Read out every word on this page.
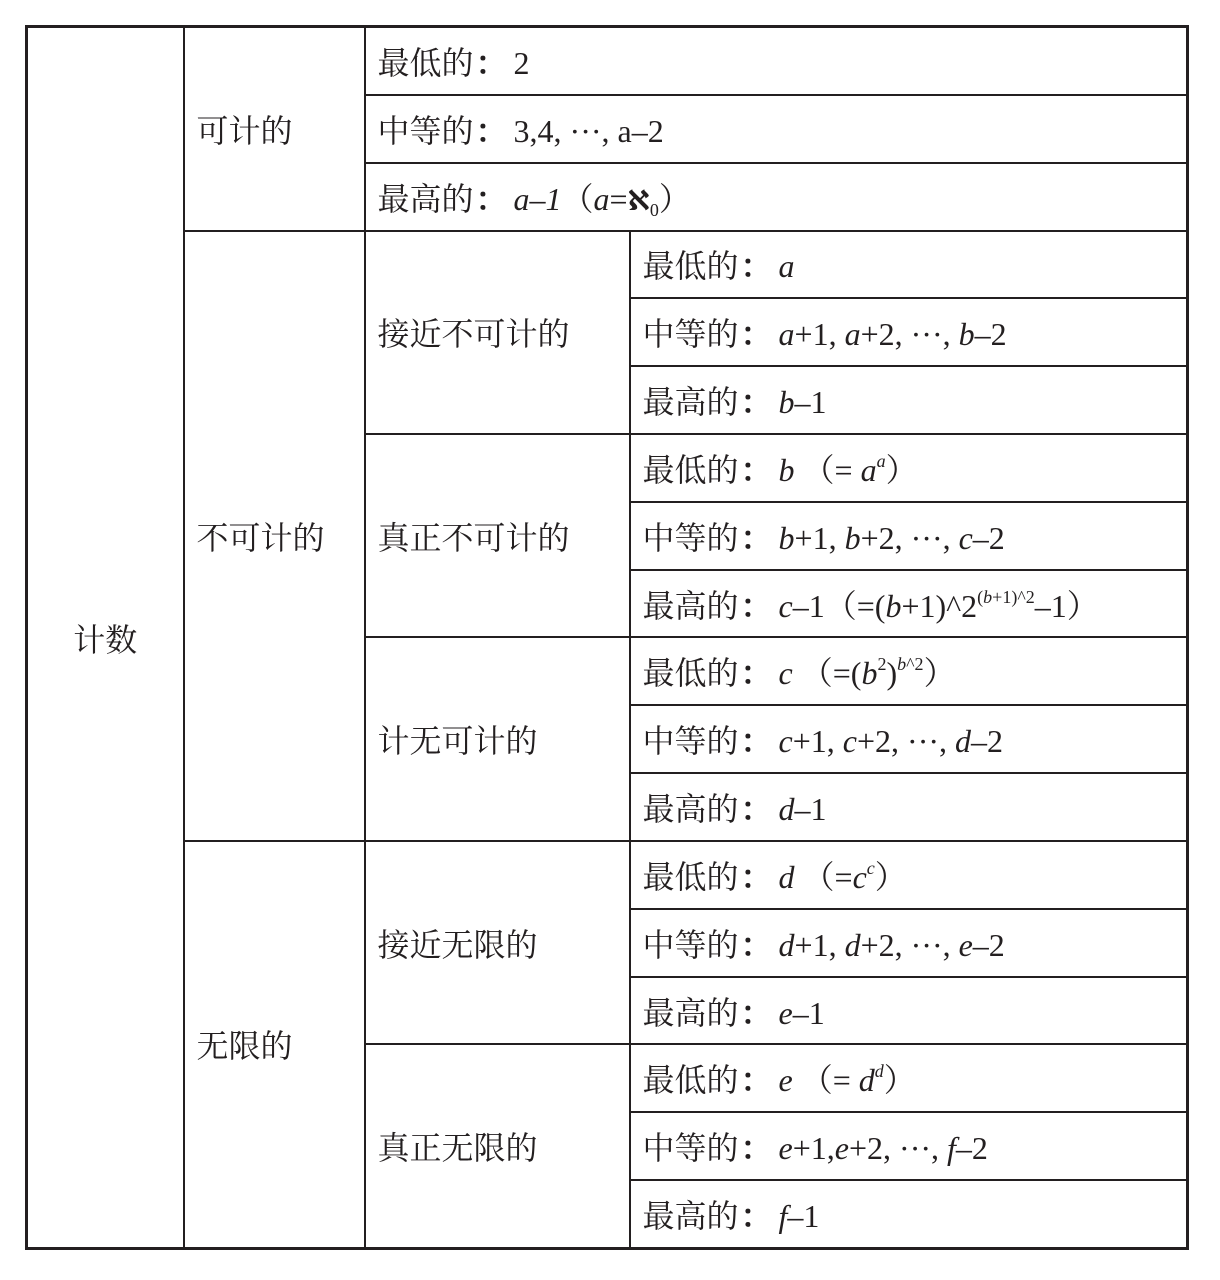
计数	可计的	最低的： 2	
		中等的： 3,4, ···, a–2	
		最高的： a–1（a=ℵ$_0$）	
	不可计的	接近不可计的	最低的： a
			中等的： a+1, a+2, ···, b–2
			最高的： b–1
		真正不可计的	最低的： b （= $a^a$）
			中等的： b+1, b+2, ···, c–2
			最高的： $c-1(=(b+1)\^{}2^{(b+1)\^{}2}-1)$
		计无可计的	最低的： c $(=(b^2)^{b\^{}2})$
			中等的： c+1, c+2, ···, d–2
			最高的： d–1
	无限的	接近无限的	最低的： d $(=c^c)$
			中等的： d+1, d+2, ···, e–2
			最高的： e–1
		真正无限的	最低的： e （= $d^d$）
			中等的： e+1,e+2, ···, f–2
			最高的： f–1
